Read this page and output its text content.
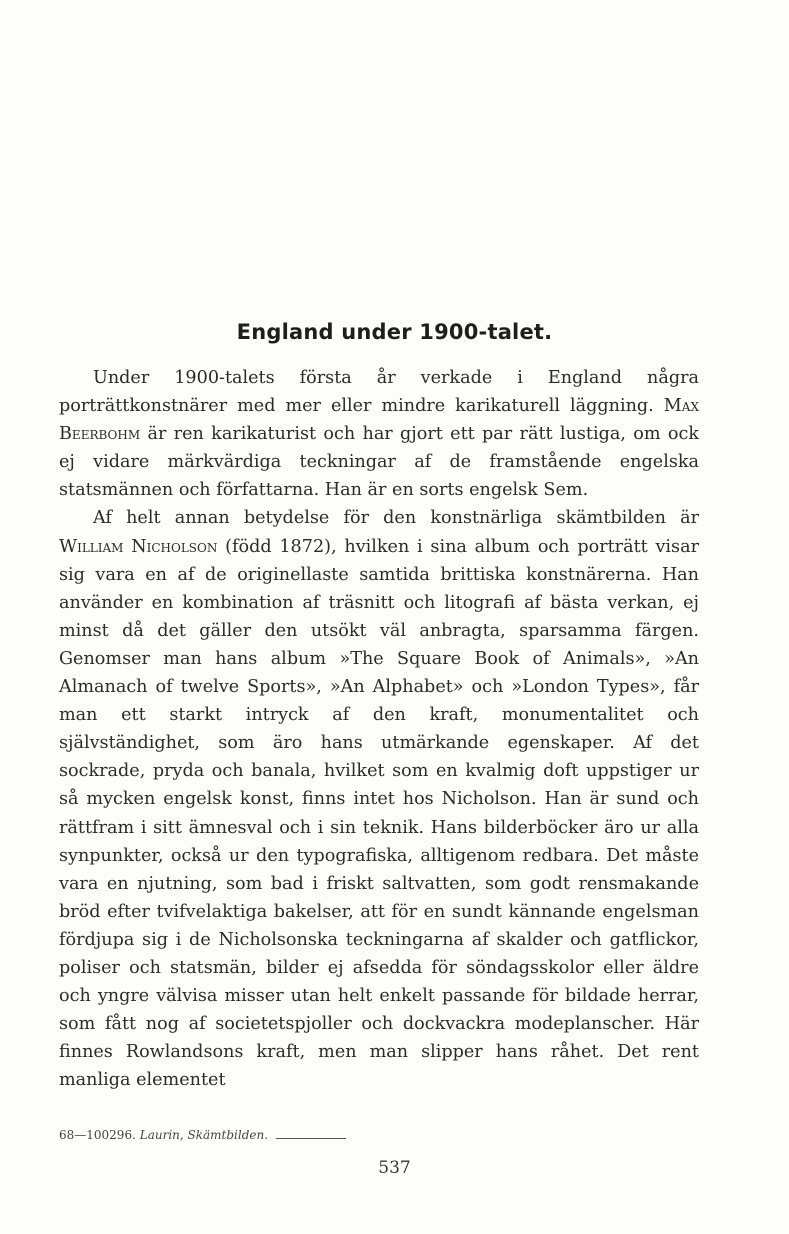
England under 1900-talet.

Under 1900-talets första år verkade i England några porträttkonstnärer med mer eller mindre karikaturell läggning. Max Beerbohm är ren karikaturist och har gjort ett par rätt lustiga, om ock ej vidare märkvärdiga teckningar af de framstående engelska statsmännen och författarna. Han är en sorts engelsk Sem.

Af helt annan betydelse för den konstnärliga skämtbilden är William Nicholson (född 1872), hvilken i sina album och porträtt visar sig vara en af de originellaste samtida brittiska konstnärerna. Han använder en kombination af träsnitt och litografi af bästa verkan, ej minst då det gäller den utsökt väl anbragta, sparsamma färgen. Genomser man hans album »The Square Book of Animals», »An Almanach of twelve Sports», »An Alphabet» och »London Types», får man ett starkt intryck af den kraft, monumentalitet och självständighet, som äro hans utmärkande egenskaper. Af det sockrade, pryda och banala, hvilket som en kvalmig doft uppstiger ur så mycken engelsk konst, finns intet hos Nicholson. Han är sund och rättfram i sitt ämnesval och i sin teknik. Hans bilderböcker äro ur alla synpunkter, också ur den typografiska, alltigenom redbara. Det måste vara en njutning, som bad i friskt saltvatten, som godt rensmakande bröd efter tvifvelaktiga bakelser, att för en sundt kännande engelsman fördjupa sig i de Nicholsonska teckningarna af skalder och gatflickor, poliser och statsmän, bilder ej afsedda för söndagsskolor eller äldre och yngre välvisa misser utan helt enkelt passande för bildade herrar, som fått nog af societetspjoller och dockvackra modeplanscher. Här finnes Rowlandsons kraft, men man slipper hans råhet. Det rent manliga elementet

68—100296. Laurin, Skämtbilden.
537
